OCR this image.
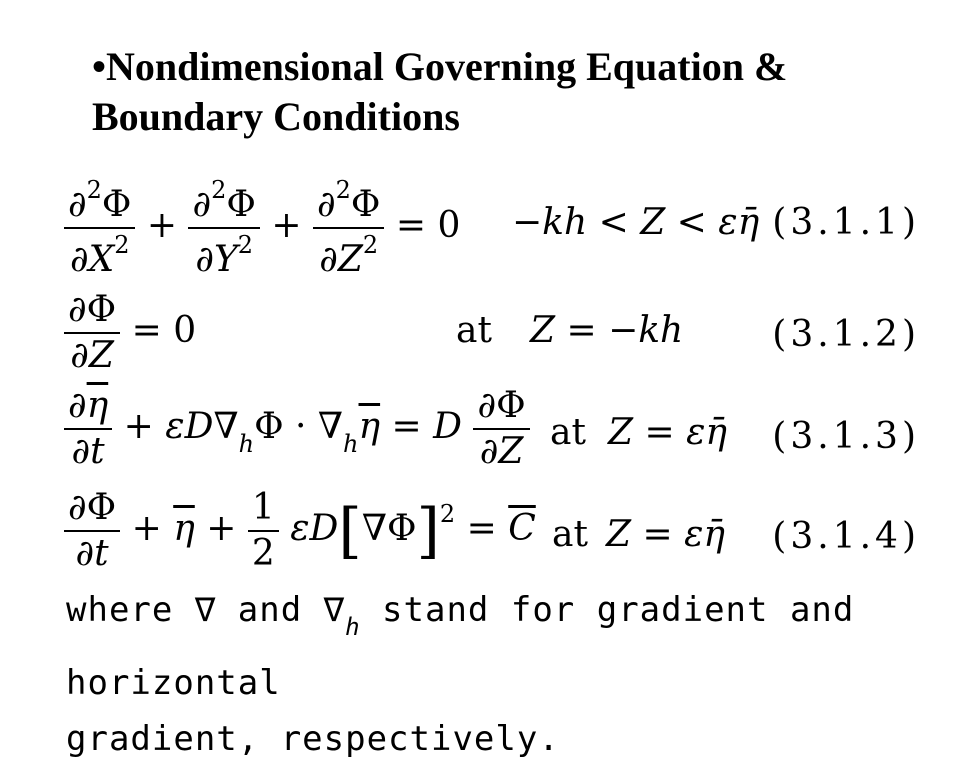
•Nondimensional Governing Equation & Boundary Conditions
$\frac{\partial^2\Phi}{\partial X^2} + \frac{\partial^2\Phi}{\partial Y^2} + \frac{\partial^2\Phi}{\partial Z^2} = 0 -kh < Z$ < εη̄ (3.1.1)
$\frac{\partial\Phi}{\partial Z} = 0$	at Z = −kh (3.1.2)
$\frac{\partial\overline{\eta}}{\partial t} + \varepsilon D\nabla_h\Phi \cdot \nabla_h\overline{\eta} = D \frac{\partial\Phi}{\partial Z}$ at Z = εη̄ (3.1.3)
$\frac{\partial\Phi}{\partial t} + \overline{\eta} + \frac{1}{2} \varepsilon D[\nabla\Phi]^2 = \overline{C}$ at Z = εη̄ (3.1.4)
where ∇ and $\nabla_h$ stand for gradient and horizontal
gradient, respectively.
